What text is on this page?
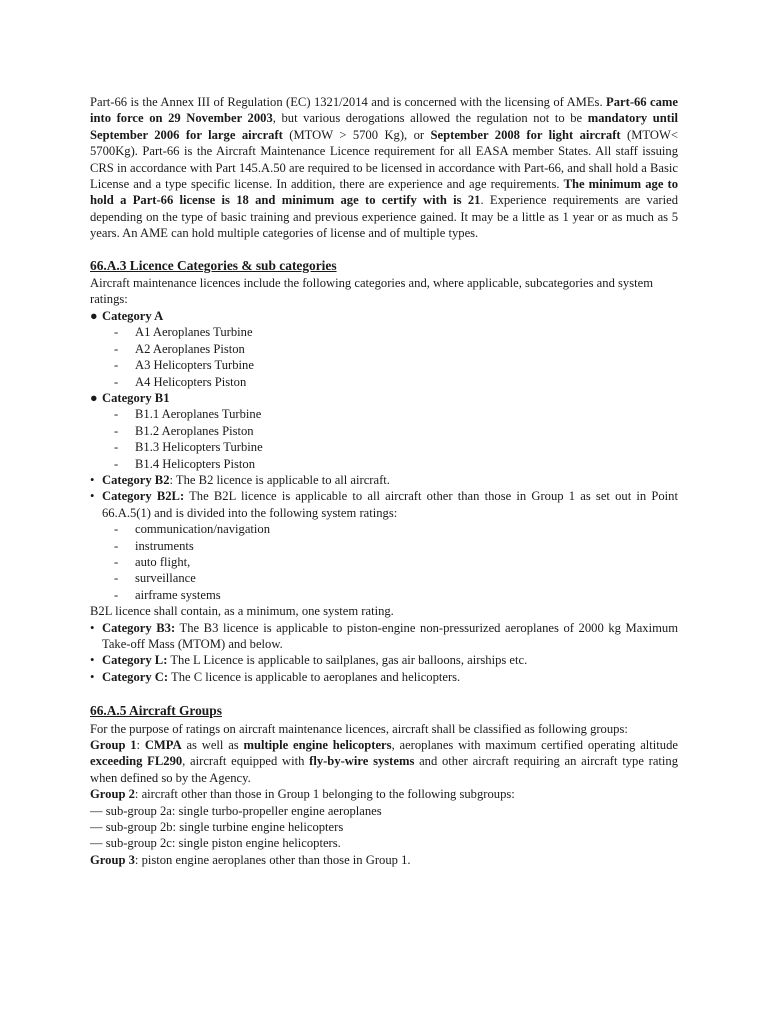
Part-66 is the Annex III of Regulation (EC) 1321/2014 and is concerned with the licensing of AMEs. Part-66 came into force on 29 November 2003, but various derogations allowed the regulation not to be mandatory until September 2006 for large aircraft (MTOW > 5700 Kg), or September 2008 for light aircraft (MTOW< 5700Kg). Part-66 is the Aircraft Maintenance Licence requirement for all EASA member States. All staff issuing CRS in accordance with Part 145.A.50 are required to be licensed in accordance with Part-66, and shall hold a Basic License and a type specific license. In addition, there are experience and age requirements. The minimum age to hold a Part-66 license is 18 and minimum age to certify with is 21. Experience requirements are varied depending on the type of basic training and previous experience gained. It may be a little as 1 year or as much as 5 years. An AME can hold multiple categories of license and of multiple types.

66.A.3 Licence Categories & sub categories

Aircraft maintenance licences include the following categories and, where applicable, subcategories and system ratings:

● Category A
- A1 Aeroplanes Turbine
- A2 Aeroplanes Piston
- A3 Helicopters Turbine
- A4 Helicopters Piston
● Category B1
- B1.1 Aeroplanes Turbine
- B1.2 Aeroplanes Piston
- B1.3 Helicopters Turbine
- B1.4 Helicopters Piston
• Category B2: The B2 licence is applicable to all aircraft.
• Category B2L: The B2L licence is applicable to all aircraft other than those in Group 1 as set out in Point 66.A.5(1) and is divided into the following system ratings:
- communication/navigation
- instruments
- auto flight,
- surveillance
- airframe systems

B2L licence shall contain, as a minimum, one system rating.

• Category B3: The B3 licence is applicable to piston-engine non-pressurized aeroplanes of 2000 kg Maximum Take-off Mass (MTOM) and below.
• Category L: The L Licence is applicable to sailplanes, gas air balloons, airships etc.
• Category C: The C licence is applicable to aeroplanes and helicopters.
66.A.5 Aircraft Groups

For the purpose of ratings on aircraft maintenance licences, aircraft shall be classified as following groups:

Group 1: CMPA as well as multiple engine helicopters, aeroplanes with maximum certified operating altitude exceeding FL290, aircraft equipped with fly-by-wire systems and other aircraft requiring an aircraft type rating when defined so by the Agency.

Group 2: aircraft other than those in Group 1 belonging to the following subgroups:

— sub-group 2a: single turbo-propeller engine aeroplanes

— sub-group 2b: single turbine engine helicopters

— sub-group 2c: single piston engine helicopters.

Group 3: piston engine aeroplanes other than those in Group 1.
